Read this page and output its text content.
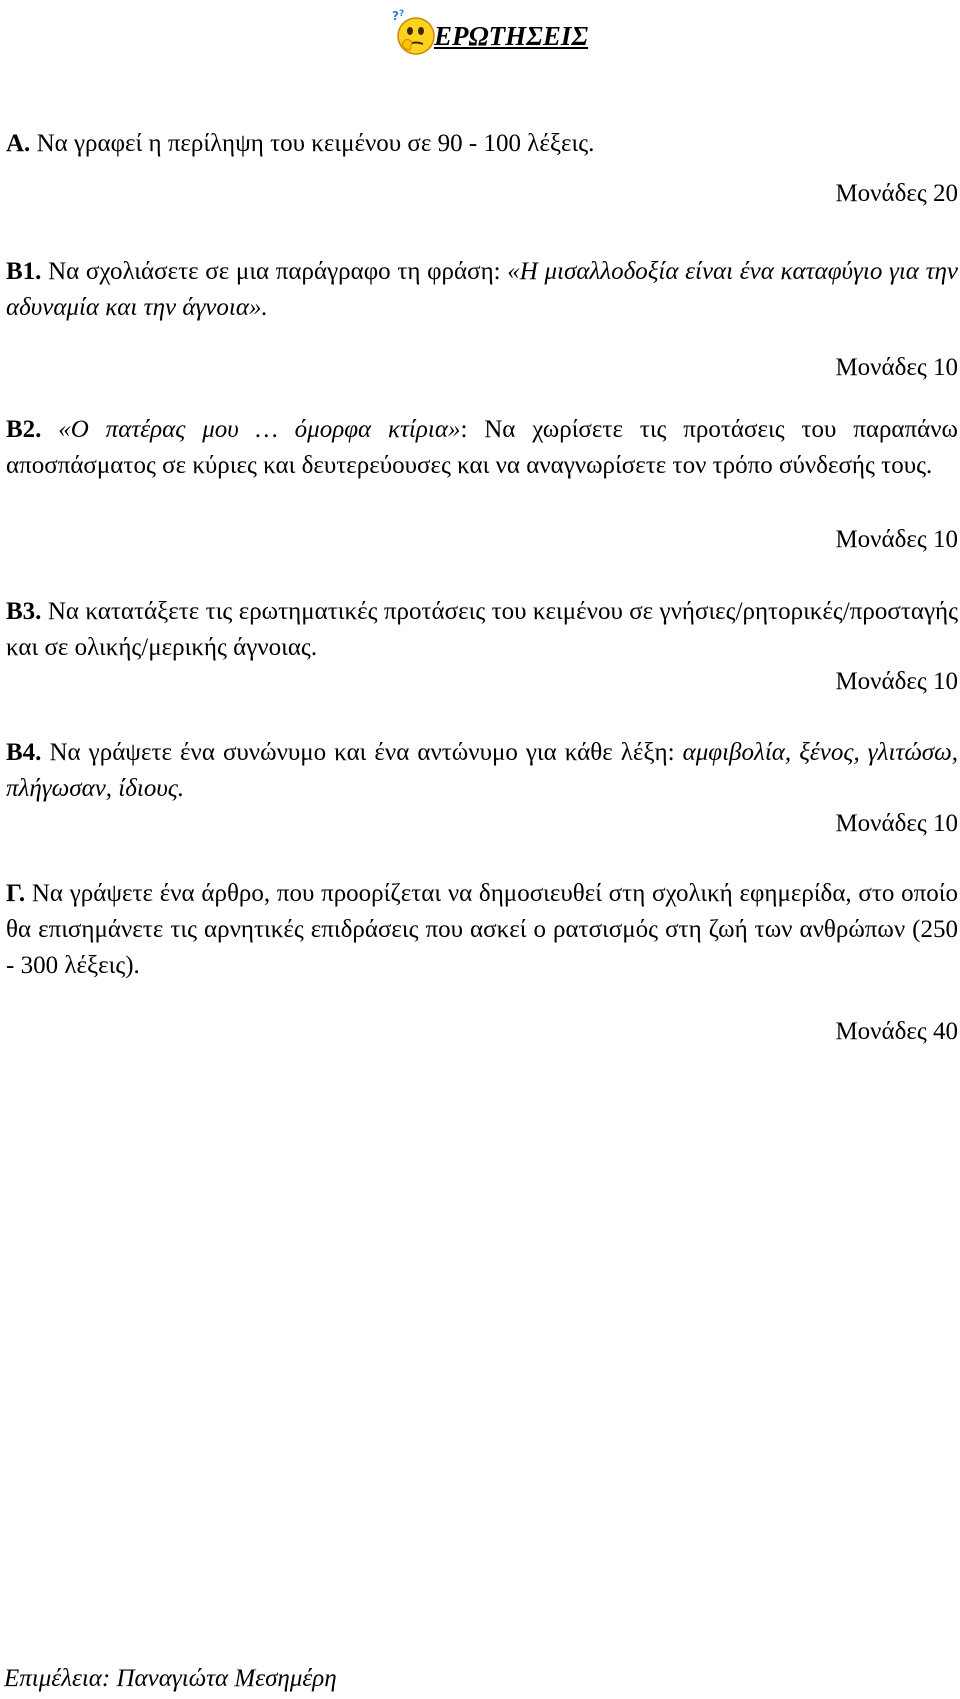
? ?
ΕΡΩΤΗΣΕΙΣ

Α. Να γραφεί η περίληψη του κειμένου σε 90 - 100 λέξεις.

Μονάδες 20

Β1. Να σχολιάσετε σε μια παράγραφο τη φράση: «Η μισαλλοδοξία είναι ένα καταφύγιο για την αδυναμία και την άγνοια».

Μονάδες 10

Β2. «Ο πατέρας μου … όμορφα κτίρια»: Να χωρίσετε τις προτάσεις του παραπάνω αποσπάσματος σε κύριες και δευτερεύουσες και να αναγνωρίσετε τον τρόπο σύνδεσής τους.

Μονάδες 10

Β3. Να κατατάξετε τις ερωτηματικές προτάσεις του κειμένου σε γνήσιες/ρητορικές/προσταγής και σε ολικής/μερικής άγνοιας.

Μονάδες 10

Β4. Να γράψετε ένα συνώνυμο και ένα αντώνυμο για κάθε λέξη: αμφιβολία, ξένος, γλιτώσω, πλήγωσαν, ίδιους.

Μονάδες 10

Γ. Να γράψετε ένα άρθρο, που προορίζεται να δημοσιευθεί στη σχολική εφημερίδα, στο οποίο θα επισημάνετε τις αρνητικές επιδράσεις που ασκεί ο ρατσισμός στη ζωή των ανθρώπων (250 - 300 λέξεις).

Μονάδες 40
Επιμέλεια: Παναγιώτα Μεσημέρη
